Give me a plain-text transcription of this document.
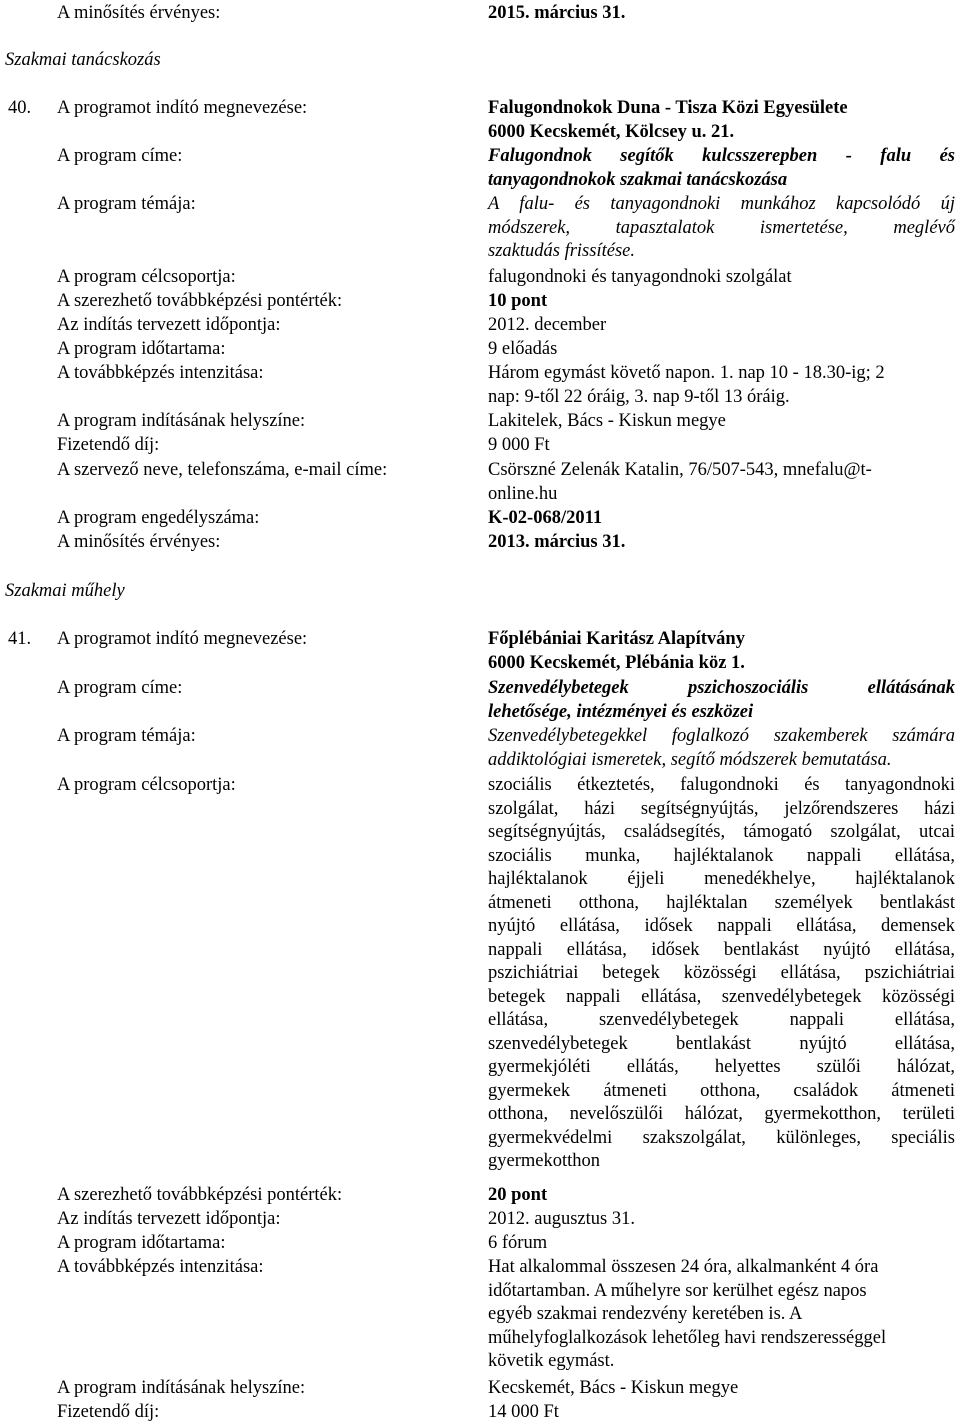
A minősítés érvényes:	2015. március 31.
Szakmai tanácskozás
40. A programot indító megnevezése:	Falugondnokok Duna - Tisza Közi Egyesülete
6000 Kecskemét, Kölcsey u. 21.
A program címe:	Falugondnok segítők kulcsszerepben - falu és
tanyagondnokok szakmai tanácskozása
A program témája:	A falu- és tanyagondnoki munkához kapcsolódó új
módszerek, tapasztalatok ismertetése, meglévő
szaktudás frissítése.
A program célcsoportja:	falugondnoki és tanyagondnoki szolgálat
A szerezhető továbbképzési pontérték:	10 pont
Az indítás tervezett időpontja:	2012. december
A program időtartama:	9 előadás
A továbbképzés intenzitása:	Három egymást követő napon. 1. nap 10 - 18.30-ig; 2
nap: 9-től 22 óráig, 3. nap 9-től 13 óráig.
A program indításának helyszíne:	Lakitelek, Bács - Kiskun megye
Fizetendő díj:	9 000 Ft
A szervező neve, telefonszáma, e-mail címe:	Csörszné Zelenák Katalin, 76/507-543, mnefalu@t-
online.hu
A program engedélyszáma:	K-02-068/2011
A minősítés érvényes:	2013. március 31.
Szakmai műhely
41. A programot indító megnevezése:	Főplébániai Karitász Alapítvány
6000 Kecskemét, Plébánia köz 1.
A program címe:	Szenvedélybetegek pszichoszociális ellátásának
lehetősége, intézményei és eszközei
A program témája:	Szenvedélybetegekkel foglalkozó szakemberek számára
addiktológiai ismeretek, segítő módszerek bemutatása.
A program célcsoportja:	szociális étkeztetés, falugondnoki és tanyagondnoki
szolgálat, házi segítségnyújtás, jelzőrendszeres házi
segítségnyújtás, családsegítés, támogató szolgálat, utcai
szociális munka, hajléktalanok nappali ellátása,
hajléktalanok éjjeli menedékhelye, hajléktalanok
átmeneti otthona, hajléktalan személyek bentlakást
nyújtó ellátása, idősek nappali ellátása, demensek
nappali ellátása, idősek bentlakást nyújtó ellátása,
pszichiátriai betegek közösségi ellátása, pszichiátriai
betegek nappali ellátása, szenvedélybetegek közösségi
ellátása, szenvedélybetegek nappali ellátása,
szenvedélybetegek bentlakást nyújtó ellátása,
gyermekjóléti ellátás, helyettes szülői hálózat,
gyermekek átmeneti otthona, családok átmeneti
otthona, nevelőszülői hálózat, gyermekotthon, területi
gyermekvédelmi szakszolgálat, különleges, speciális
gyermekotthon
A szerezhető továbbképzési pontérték:	20 pont
Az indítás tervezett időpontja:	2012. augusztus 31.
A program időtartama:	6 fórum
A továbbképzés intenzitása:	Hat alkalommal összesen 24 óra, alkalmanként 4 óra
időtartamban. A műhelyre sor kerülhet egész napos
egyéb szakmai rendezvény keretében is. A
műhelyfoglalkozások lehetőleg havi rendszerességgel
követik egymást.
A program indításának helyszíne:	Kecskemét, Bács - Kiskun megye
Fizetendő díj:	14 000 Ft
